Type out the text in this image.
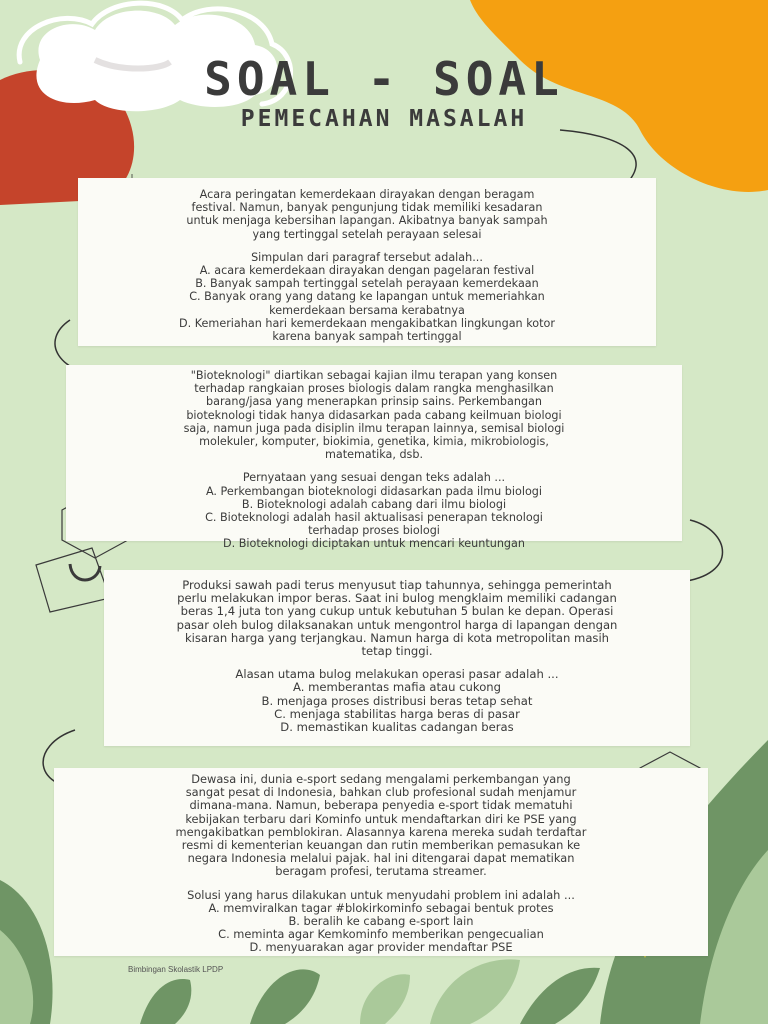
SOAL - SOAL
PEMECAHAN MASALAH

Acara peringatan kemerdekaan dirayakan dengan beragam

festival. Namun, banyak pengunjung tidak memiliki kesadaran

untuk menjaga kebersihan lapangan. Akibatnya banyak sampah

yang tertinggal setelah perayaan selesai

Simpulan dari paragraf tersebut adalah...

A. acara kemerdekaan dirayakan dengan pagelaran festival

B. Banyak sampah tertinggal setelah perayaan kemerdekaan

C. Banyak orang yang datang ke lapangan untuk memeriahkan

kemerdekaan bersama kerabatnya

D. Kemeriahan hari kemerdekaan mengakibatkan lingkungan kotor

karena banyak sampah tertinggal

"Bioteknologi" diartikan sebagai kajian ilmu terapan yang konsen

terhadap rangkaian proses biologis dalam rangka menghasilkan

barang/jasa yang menerapkan prinsip sains. Perkembangan

bioteknologi tidak hanya didasarkan pada cabang keilmuan biologi

saja, namun juga pada disiplin ilmu terapan lainnya, semisal biologi

molekuler, komputer, biokimia, genetika, kimia, mikrobiologis,

matematika, dsb.

Pernyataan yang sesuai dengan teks adalah ...

A. Perkembangan bioteknologi didasarkan pada ilmu biologi

B. Bioteknologi adalah cabang dari ilmu biologi

C. Bioteknologi adalah hasil aktualisasi penerapan teknologi

terhadap proses biologi

D. Bioteknologi diciptakan untuk mencari keuntungan

Produksi sawah padi terus menyusut tiap tahunnya, sehingga pemerintah

perlu melakukan impor beras. Saat ini bulog mengklaim memiliki cadangan

beras 1,4 juta ton yang cukup untuk kebutuhan 5 bulan ke depan. Operasi

pasar oleh bulog dilaksanakan untuk mengontrol harga di lapangan dengan

kisaran harga yang terjangkau. Namun harga di kota metropolitan masih

tetap tinggi.

Alasan utama bulog melakukan operasi pasar adalah ...

A. memberantas mafia atau cukong

B. menjaga proses distribusi beras tetap sehat

C. menjaga stabilitas harga beras di pasar

D. memastikan kualitas cadangan beras

Dewasa ini, dunia e-sport sedang mengalami perkembangan yang

sangat pesat di Indonesia, bahkan club profesional sudah menjamur

dimana-mana. Namun, beberapa penyedia e-sport tidak mematuhi

kebijakan terbaru dari Kominfo untuk mendaftarkan diri ke PSE yang

mengakibatkan pemblokiran. Alasannya karena mereka sudah terdaftar

resmi di kementerian keuangan dan rutin memberikan pemasukan ke

negara Indonesia melalui pajak. hal ini ditengarai dapat mematikan

beragam profesi, terutama streamer.

Solusi yang harus dilakukan untuk menyudahi problem ini adalah ...

A. memviralkan tagar #blokirkominfo sebagai bentuk protes

B. beralih ke cabang e-sport lain

C. meminta agar Kemkominfo memberikan pengecualian

D. menyuarakan agar provider mendaftar PSE

Bimbingan Skolastik LPDP
